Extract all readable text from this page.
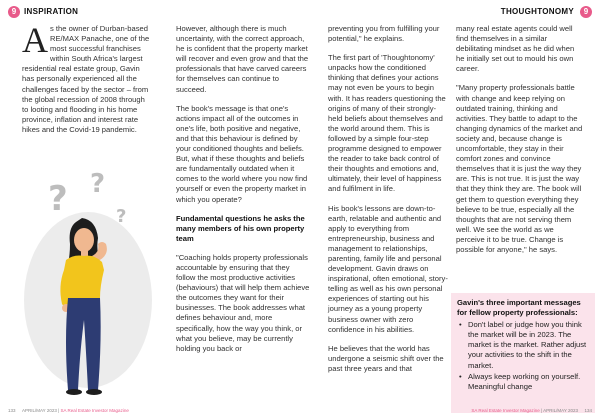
9 INSPIRATION	THOUGHTONOMY	9

As the owner of Durban-based RE/MAX Panache, one of the most successful franchises within South Africa's largest residential real estate group, Gavin has personally experienced all the challenges faced by the sector – from the global recession of 2008 through to looting and flooding in his home province, inflation and interest rate hikes and the Covid-19 pandemic.

? ?
?

However, although there is much uncertainty, with the correct approach, he is confident that the property market will recover and even grow and that the professionals that have carved careers for themselves can continue to succeed.

The book's message is that one's actions impact all of the outcomes in one's life, both positive and negative, and that this behaviour is defined by your conditioned thoughts and beliefs. But, what if these thoughts and beliefs are fundamentally outdated when it comes to the world where you now find yourself or even the property market in which you operate?

Fundamental questions he asks the many members of his own property team

"Coaching holds property professionals accountable by ensuring that they follow the most productive activities (behaviours) that will help them achieve the outcomes they want for their businesses. The book addresses what defines behaviour and, more specifically, how the way you think, or what you believe, may be currently holding you back or

preventing you from fulfilling your potential," he explains.

The first part of 'Thoughtonomy' unpacks how the conditioned thinking that defines your actions may not even be yours to begin with. It has readers questioning the origins of many of their strongly-held beliefs about themselves and the world around them. This is followed by a simple four-step programme designed to empower the reader to take back control of their thoughts and emotions and, ultimately, their level of happiness and fulfilment in life.

His book's lessons are down-to-earth, relatable and authentic and apply to everything from entrepreneurship, business and management to relationships, parenting, family life and personal development. Gavin draws on inspirational, often emotional, story-telling as well as his own personal experiences of starting out his journey as a young property business owner with zero confidence in his abilities.

He believes that the world has undergone a seismic shift over the past three years and that

many real estate agents could well find themselves in a similar debilitating mindset as he did when he initially set out to mould his own career.

"Many property professionals battle with change and keep relying on outdated training, thinking and activities. They battle to adapt to the changing dynamics of the market and society and, because change is uncomfortable, they stay in their comfort zones and convince themselves that it is just the way they are. This is not true. It is just the way that they think they are. The book will get them to question everything they believe to be true, especially all the thoughts that are not serving them well. We see the world as we perceive it to be true. Change is possible for anyone," he says.

Gavin's three important messages for fellow property professionals:
• Don't label or judge how you think the market will be in 2023. The market is the market. Rather adjust your activities to the shift in the market.
• Always keep working on yourself. Meaningful change
133 APRIL/MAY 2023 | SA Real Estate Investor Magazine	SA Real Estate Investor Magazine | APRIL/MAY 2023 134
